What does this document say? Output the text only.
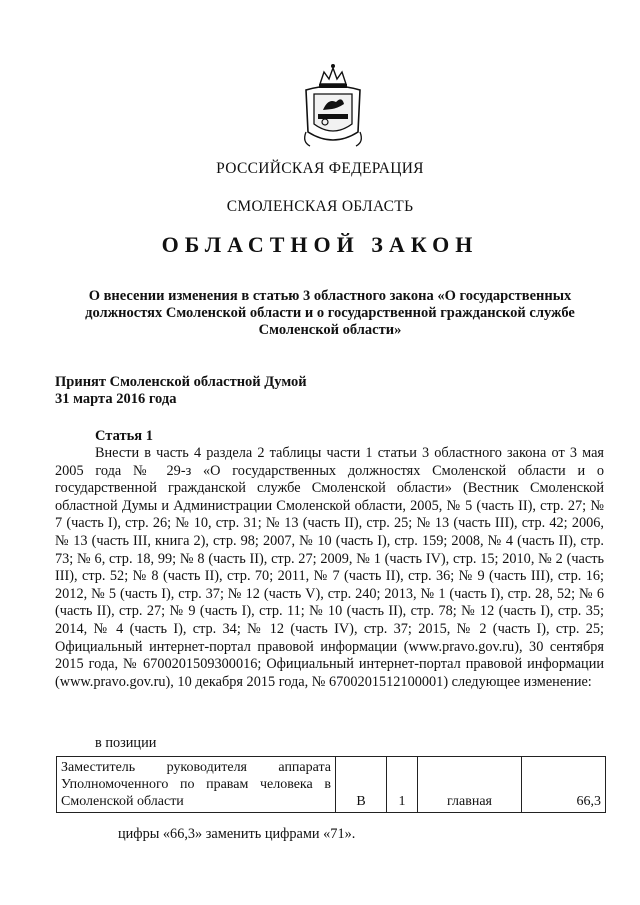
РОССИЙСКАЯ ФЕДЕРАЦИЯ
СМОЛЕНСКАЯ ОБЛАСТЬ
ОБЛАСТНОЙ ЗАКОН
О внесении изменения в статью 3 областного закона «О государственных должностях Смоленской области и о государственной гражданской службе Смоленской области»
Принят Смоленской областной Думой
31 марта 2016 года
Статья 1
Внести в часть 4 раздела 2 таблицы части 1 статьи 3 областного закона от 3 мая 2005 года № 29-з «О государственных должностях Смоленской области и о государственной гражданской службе Смоленской области» (Вестник Смоленской областной Думы и Администрации Смоленской области, 2005, № 5 (часть II), стр. 27; № 7 (часть I), стр. 26; № 10, стр. 31; № 13 (часть II), стр. 25; № 13 (часть III), стр. 42; 2006, № 13 (часть III, книга 2), стр. 98; 2007, № 10 (часть I), стр. 159; 2008, № 4 (часть II), стр. 73; № 6, стр. 18, 99; № 8 (часть II), стр. 27; 2009, № 1 (часть IV), стр. 15; 2010, № 2 (часть III), стр. 52; № 8 (часть II), стр. 70; 2011, № 7 (часть II), стр. 36; № 9 (часть III), стр. 16; 2012, № 5 (часть I), стр. 37; № 12 (часть V), стр. 240; 2013, № 1 (часть I), стр. 28, 52; № 6 (часть II), стр. 27; № 9 (часть I), стр. 11; № 10 (часть II), стр. 78; № 12 (часть I), стр. 35; 2014, № 4 (часть I), стр. 34; № 12 (часть IV), стр. 37; 2015, № 2 (часть I), стр. 25; Официальный интернет-портал правовой информации (www.pravo.gov.ru), 30 сентября 2015 года, № 6700201509300016; Официальный интернет-портал правовой информации (www.pravo.gov.ru), 10 декабря 2015 года, № 6700201512100001) следующее изменение:
в позиции
Заместитель руководителя аппарата Уполномоченного по правам человека в Смоленской области	В	1	главная	66,3
цифры «66,3» заменить цифрами «71».
